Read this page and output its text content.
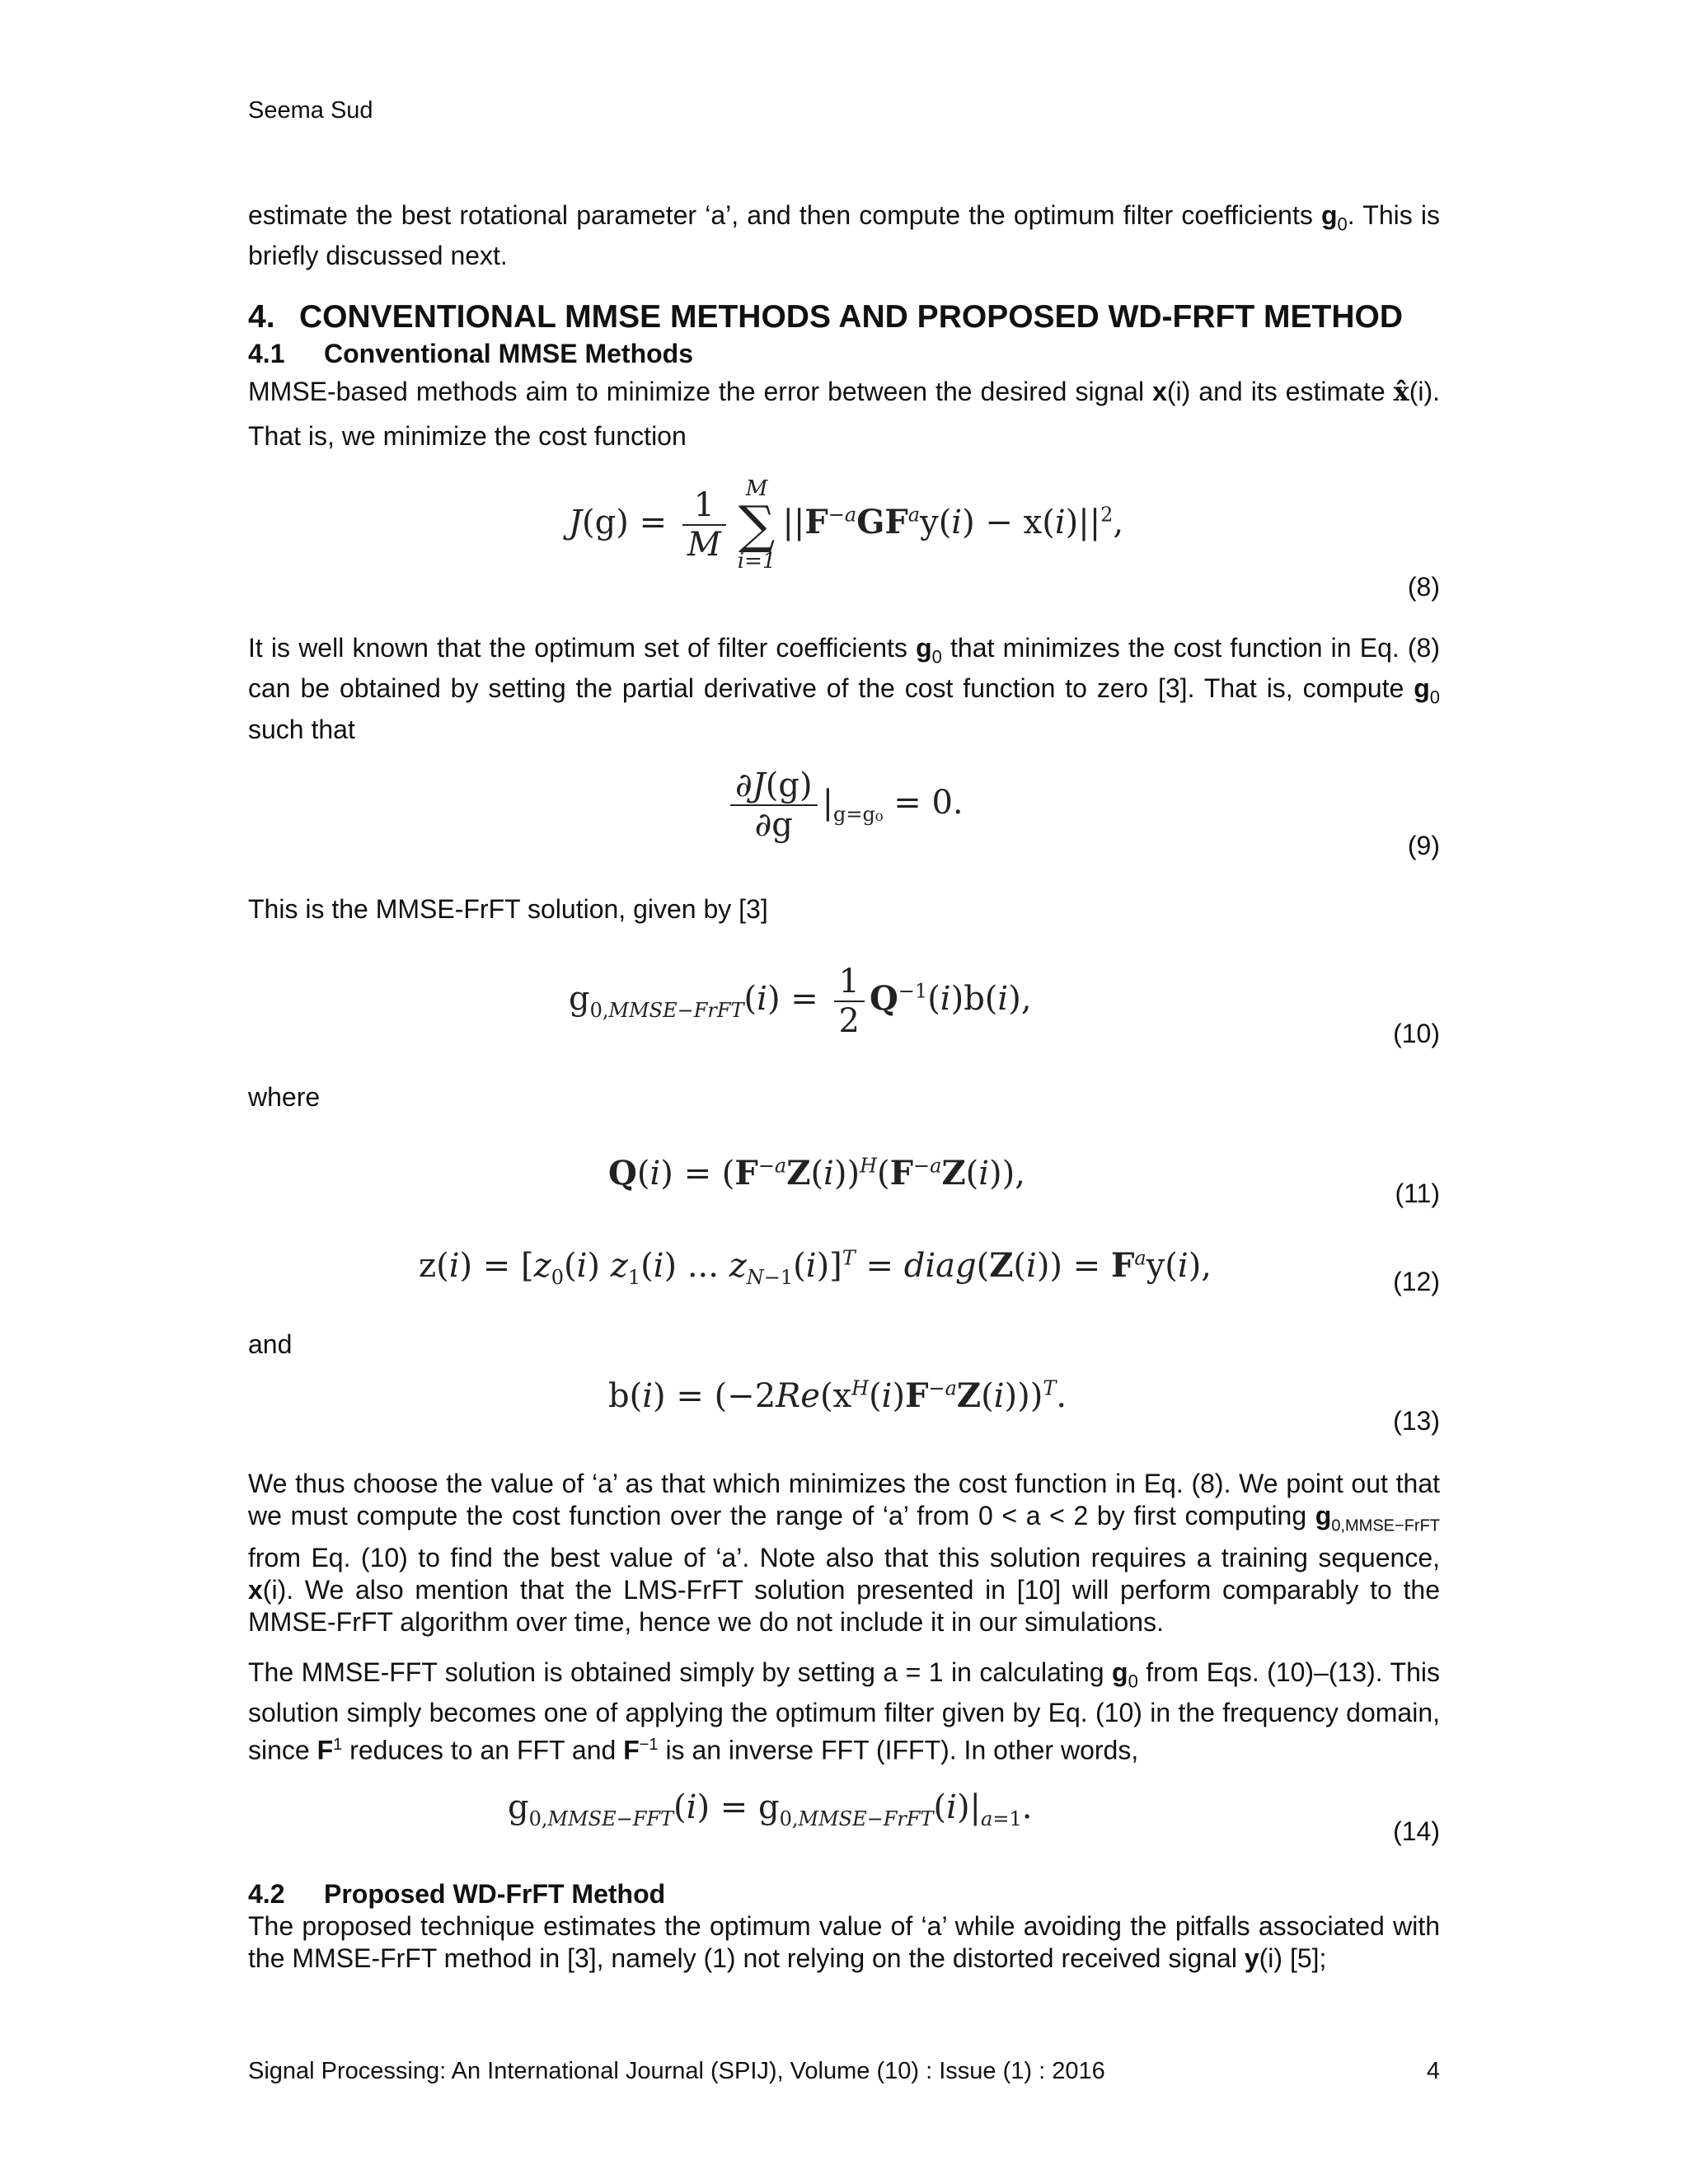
Seema Sud
estimate the best rotational parameter ‘a’, and then compute the optimum filter coefficients $g_0$. This is briefly discussed next.
4. CONVENTIONAL MMSE METHODS AND PROPOSED WD-FRFT METHOD
4.1 Conventional MMSE Methods
MMSE-based methods aim to minimize the error between the desired signal x(i) and its estimate x̂(i). That is, we minimize the cost function
$J(g) = \frac{1}{M}$ M
∑
i=1
$||F^{-a}GF^ay(i) - x(i)||^2$,
(8)
It is well known that the optimum set of filter coefficients $g_0$ that minimizes the cost function in Eq. (8) can be obtained by setting the partial derivative of the cost function to zero [3]. That is, compute $g_0$ such that
$\frac{\partial J(g)}{\partial g} |_{g=g_0} = 0$.
(9)
This is the MMSE-FrFT solution, given by [3]
$g_{0,MMSE-FrFT}(i) = \frac{1}{2} Q^{-1}(i)b(i)$,
(10)
where
$Q(i) = (F^{-a}Z(i))^H(F^{-a}Z(i))$,
(11)
$z(i) = [z_0(i)$ $z_1(i)$ ... $z_{N-1}(i)]^T$ = diag(Z(i)) = $F^ay(i)$,	(12)
and
$b(i) = (-2Re(x^H(i)F^{-a}Z(i)))^T$.
(13)
We thus choose the value of ‘a’ as that which minimizes the cost function in Eq. (8). We point out that we must compute the cost function over the range of ‘a’ from 0 < a < 2 by first computing $g_{0,MMSE-FrFT}$ from Eq. (10) to find the best value of ‘a’. Note also that this solution requires a training sequence, x(i). We also mention that the LMS-FrFT solution presented in [10] will perform comparably to the MMSE-FrFT algorithm over time, hence we do not include it in our simulations.
The MMSE-FFT solution is obtained simply by setting a = 1 in calculating $g_0$ from Eqs. (10)–(13). This solution simply becomes one of applying the optimum filter given by Eq. (10) in the frequency domain, since $F^1$ reduces to an FFT and $F^{-1}$ is an inverse FFT (IFFT). In other words,
$g_{0,MMSE-FFT}(i) = g_{0,MMSE-FrFT}(i)|_{a=1}$.
(14)
4.2 Proposed WD-FrFT Method
The proposed technique estimates the optimum value of ‘a’ while avoiding the pitfalls associated with the MMSE-FrFT method in [3], namely (1) not relying on the distorted received signal y(i) [5];
Signal Processing: An International Journal (SPIJ), Volume (10) : Issue (1) : 2016	4
